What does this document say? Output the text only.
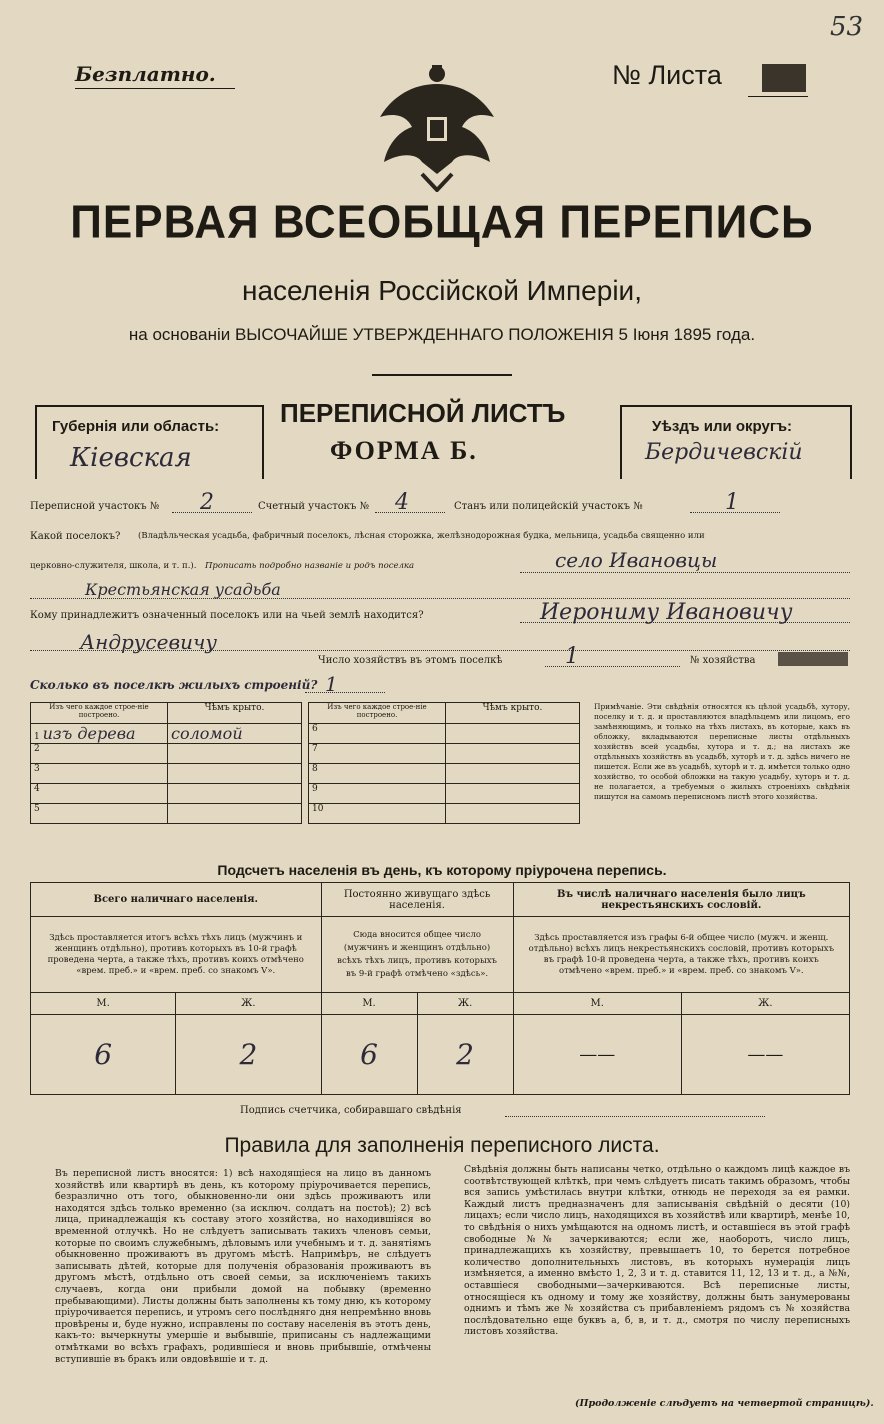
53
Безплатно.	№ Листа
ПЕРВАЯ ВСЕОБЩАЯ ПЕРЕПИСЬ
населенія Россійской Имперіи,
на основаніи ВЫСОЧАЙШЕ УТВЕРЖДЕННАГО ПОЛОЖЕНІЯ 5 Іюня 1895 года.
Губернія или область:
Кіевская
ПЕРЕПИСНОЙ ЛИСТЪ
ФОРМА Б.
Уѣздъ или округъ:
Бердичевскій
Переписной участокъ № 2	Счетный участокъ № 4	Станъ или полицейскій участокъ №	1
Какой поселокъ? (Владѣльческая усадьба, фабричный поселокъ, лѣсная сторожка, желѣзнодорожная будка, мельница, усадьба священно или
церковно-служителя, школа, и т. п.). Прописать подробно названіе и родъ поселка	село Ивановцы
Крестьянская усадьба
Кому принадлежитъ означенный поселокъ или на чьей землѣ находится?	Иерониму Ивановичу
Андрусевичу
Число хозяйствъ въ этомъ поселкѣ	1	№ хозяйства
Сколько въ поселкѣ жилыхъ строеній? 1
Изъ чего каждое строе-ніе построено.	Чѣмъ крыто.
1 изъ дерева	соломой
2	
3	
4	
5	
Изъ чего каждое строе-ніе построено.	Чѣмъ крыто.
6	
7	
8	
9	
10	
Примѣчаніе. Эти свѣдѣнія относятся къ цѣлой усадьбѣ, хутору, поселку и т. д. и проставляются владѣльцемъ или лицомъ, его замѣняющимъ, и только на тѣхъ листахъ, въ которые, какъ въ обложку, вкладываются переписные листы отдѣльныхъ хозяйствъ всей усадьбы, хутора и т. д.; на листахъ же отдѣльныхъ хозяйствъ въ усадьбѣ, хуторѣ и т. д. здѣсь ничего не пишется. Если же въ усадьбѣ, хуторѣ и т. д. имѣется только одно хозяйство, то особой обложки на такую усадьбу, хуторъ и т. д. не полагается, а требуемыя о жилыхъ строеніяхъ свѣдѣнія пишутся на самомъ переписномъ листѣ этого хозяйства.
Подсчетъ населенія въ день, къ которому пріурочена перепись.
Всего наличнаго населенія.		Постоянно живущаго здѣсь населенія.		Въ числѣ наличнаго населенія было лицъ некрестьянскихъ сословій.	
Здѣсь проставляется итогъ всѣхъ тѣхъ лицъ (мужчинъ и женщинъ отдѣльно), противъ которыхъ въ 10-й графѣ проведена черта, а также тѣхъ, противъ коихъ отмѣчено «врем. преб.» и «врем. преб. со знакомъ V».		Сюда вносится общее число (мужчинъ и женщинъ отдѣльно) всѣхъ тѣхъ лицъ, противъ которыхъ въ 9-й графѣ отмѣчено «здѣсь».		Здѣсь проставляется изъ графы 6-й общее число (мужч. и женщ. отдѣльно) всѣхъ лицъ некрестьянскихъ сословій, противъ которыхъ въ графѣ 10-й проведена черта, а также тѣхъ, противъ коихъ отмѣчено «врем. преб.» и «врем. преб. со знакомъ V».	
М.	Ж.	М.	Ж.	М.	Ж.
6	2	6	2	——	——
Подпись счетчика, собиравшаго свѣдѣнія
Правила для заполненія переписного листа.
Въ переписной листъ вносятся: 1) всѣ находящіеся на лицо въ данномъ хозяйствѣ или квартирѣ въ день, къ которому пріурочивается перепись, безразлично отъ того, обыкновенно-ли они здѣсь проживаютъ или находятся здѣсь только временно (за исключ. солдатъ на постоѣ); 2) всѣ лица, принадлежащія къ составу этого хозяйства, но находившіяся во временной отлучкѣ. Но не слѣдуетъ записывать такихъ членовъ семьи, которые по своимъ служебнымъ, дѣловымъ или учебнымъ и т. д. занятіямъ обыкновенно проживаютъ въ другомъ мѣстѣ. Напримѣръ, не слѣдуетъ записывать дѣтей, которые для полученія образованія проживаютъ въ другомъ мѣстѣ, отдѣльно отъ своей семьи, за исключеніемъ такихъ случаевъ, когда они прибыли домой на побывку (временно пребывающими). Листы должны быть заполнены къ тому дню, къ которому пріурочивается перепись, и утромъ сего послѣдняго дня непремѣнно вновь провѣрены и, буде нужно, исправлены по составу населенія въ этотъ день, какъ-то: вычеркнуты умершіе и выбывшіе, приписаны съ надлежащими отмѣтками во всѣхъ графахъ, родившіеся и вновь прибывшіе, отмѣчены вступившіе въ бракъ или овдовѣвшіе и т. д.
Свѣдѣнія должны быть написаны четко, отдѣльно о каждомъ лицѣ каждое въ соотвѣтствующей клѣткѣ, при чемъ слѣдуетъ писать такимъ образомъ, чтобы вся запись умѣстилась внутри клѣтки, отнюдь не переходя за ея рамки. Каждый листъ предназначенъ для записыванія свѣдѣній о десяти (10) лицахъ; если число лицъ, находящихся въ хозяйствѣ или квартирѣ, менѣе 10, то свѣдѣнія о нихъ умѣщаются на одномъ листѣ, и оставшіеся въ этой графѣ свободные №№ зачеркиваются; если же, наоборотъ, число лицъ, принадлежащихъ къ хозяйству, превышаетъ 10, то берется потребное количество дополнительныхъ листовъ, въ которыхъ нумерація лицъ измѣняется, а именно вмѣсто 1, 2, 3 и т. д. ставится 11, 12, 13 и т. д., а №№, оставшіеся свободными—зачеркиваются. Всѣ переписные листы, относящіеся къ одному и тому же хозяйству, должны быть занумерованы однимъ и тѣмъ же № хозяйства съ прибавленіемъ рядомъ съ № хозяйства послѣдовательно еще буквъ а, б, в, и т. д., смотря по числу переписныхъ листовъ хозяйства.
(Продолженіе слѣдуетъ на четвертой страницѣ).
